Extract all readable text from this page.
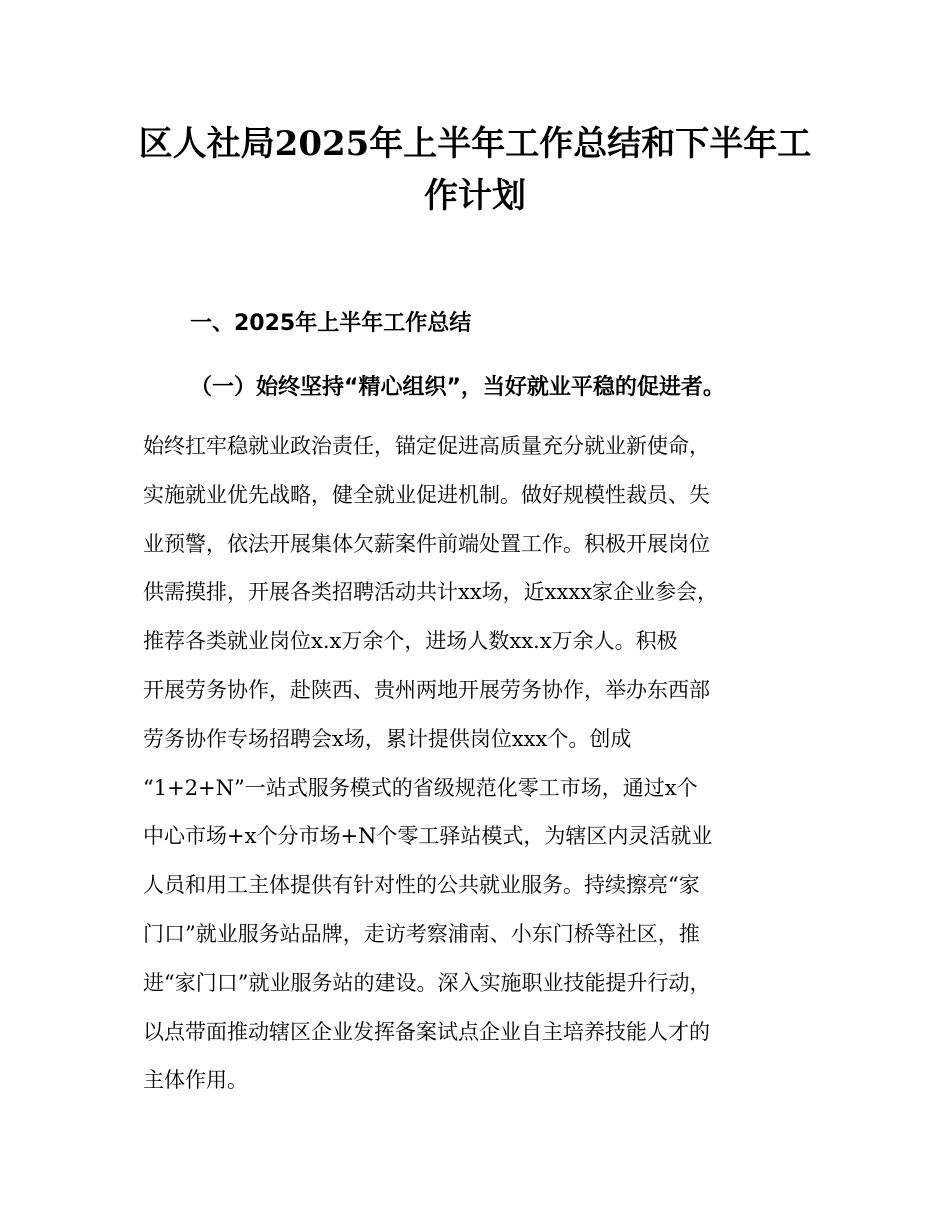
区人社局2025年上半年工作总结和下半年工
作计划
一、2025年上半年工作总结
（一）始终坚持“精心组织”，当好就业平稳的促进者。

始终扛牢稳就业政治责任，锚定促进高质量充分就业新使命，
实施就业优先战略，健全就业促进机制。做好规模性裁员、失
业预警，依法开展集体欠薪案件前端处置工作。积极开展岗位
供需摸排，开展各类招聘活动共计xx场，近xxxx家企业参会，
推荐各类就业岗位x.x万余个，进场人数xx.x万余人。积极
开展劳务协作，赴陕西、贵州两地开展劳务协作，举办东西部
劳务协作专场招聘会x场，累计提供岗位xxx个。创成
“1+2+N”一站式服务模式的省级规范化零工市场，通过x个
中心市场+x个分市场+N个零工驿站模式，为辖区内灵活就业
人员和用工主体提供有针对性的公共就业服务。持续擦亮“家
门口”就业服务站品牌，走访考察浦南、小东门桥等社区，推
进“家门口”就业服务站的建设。深入实施职业技能提升行动，
以点带面推动辖区企业发挥备案试点企业自主培养技能人才的
主体作用。
